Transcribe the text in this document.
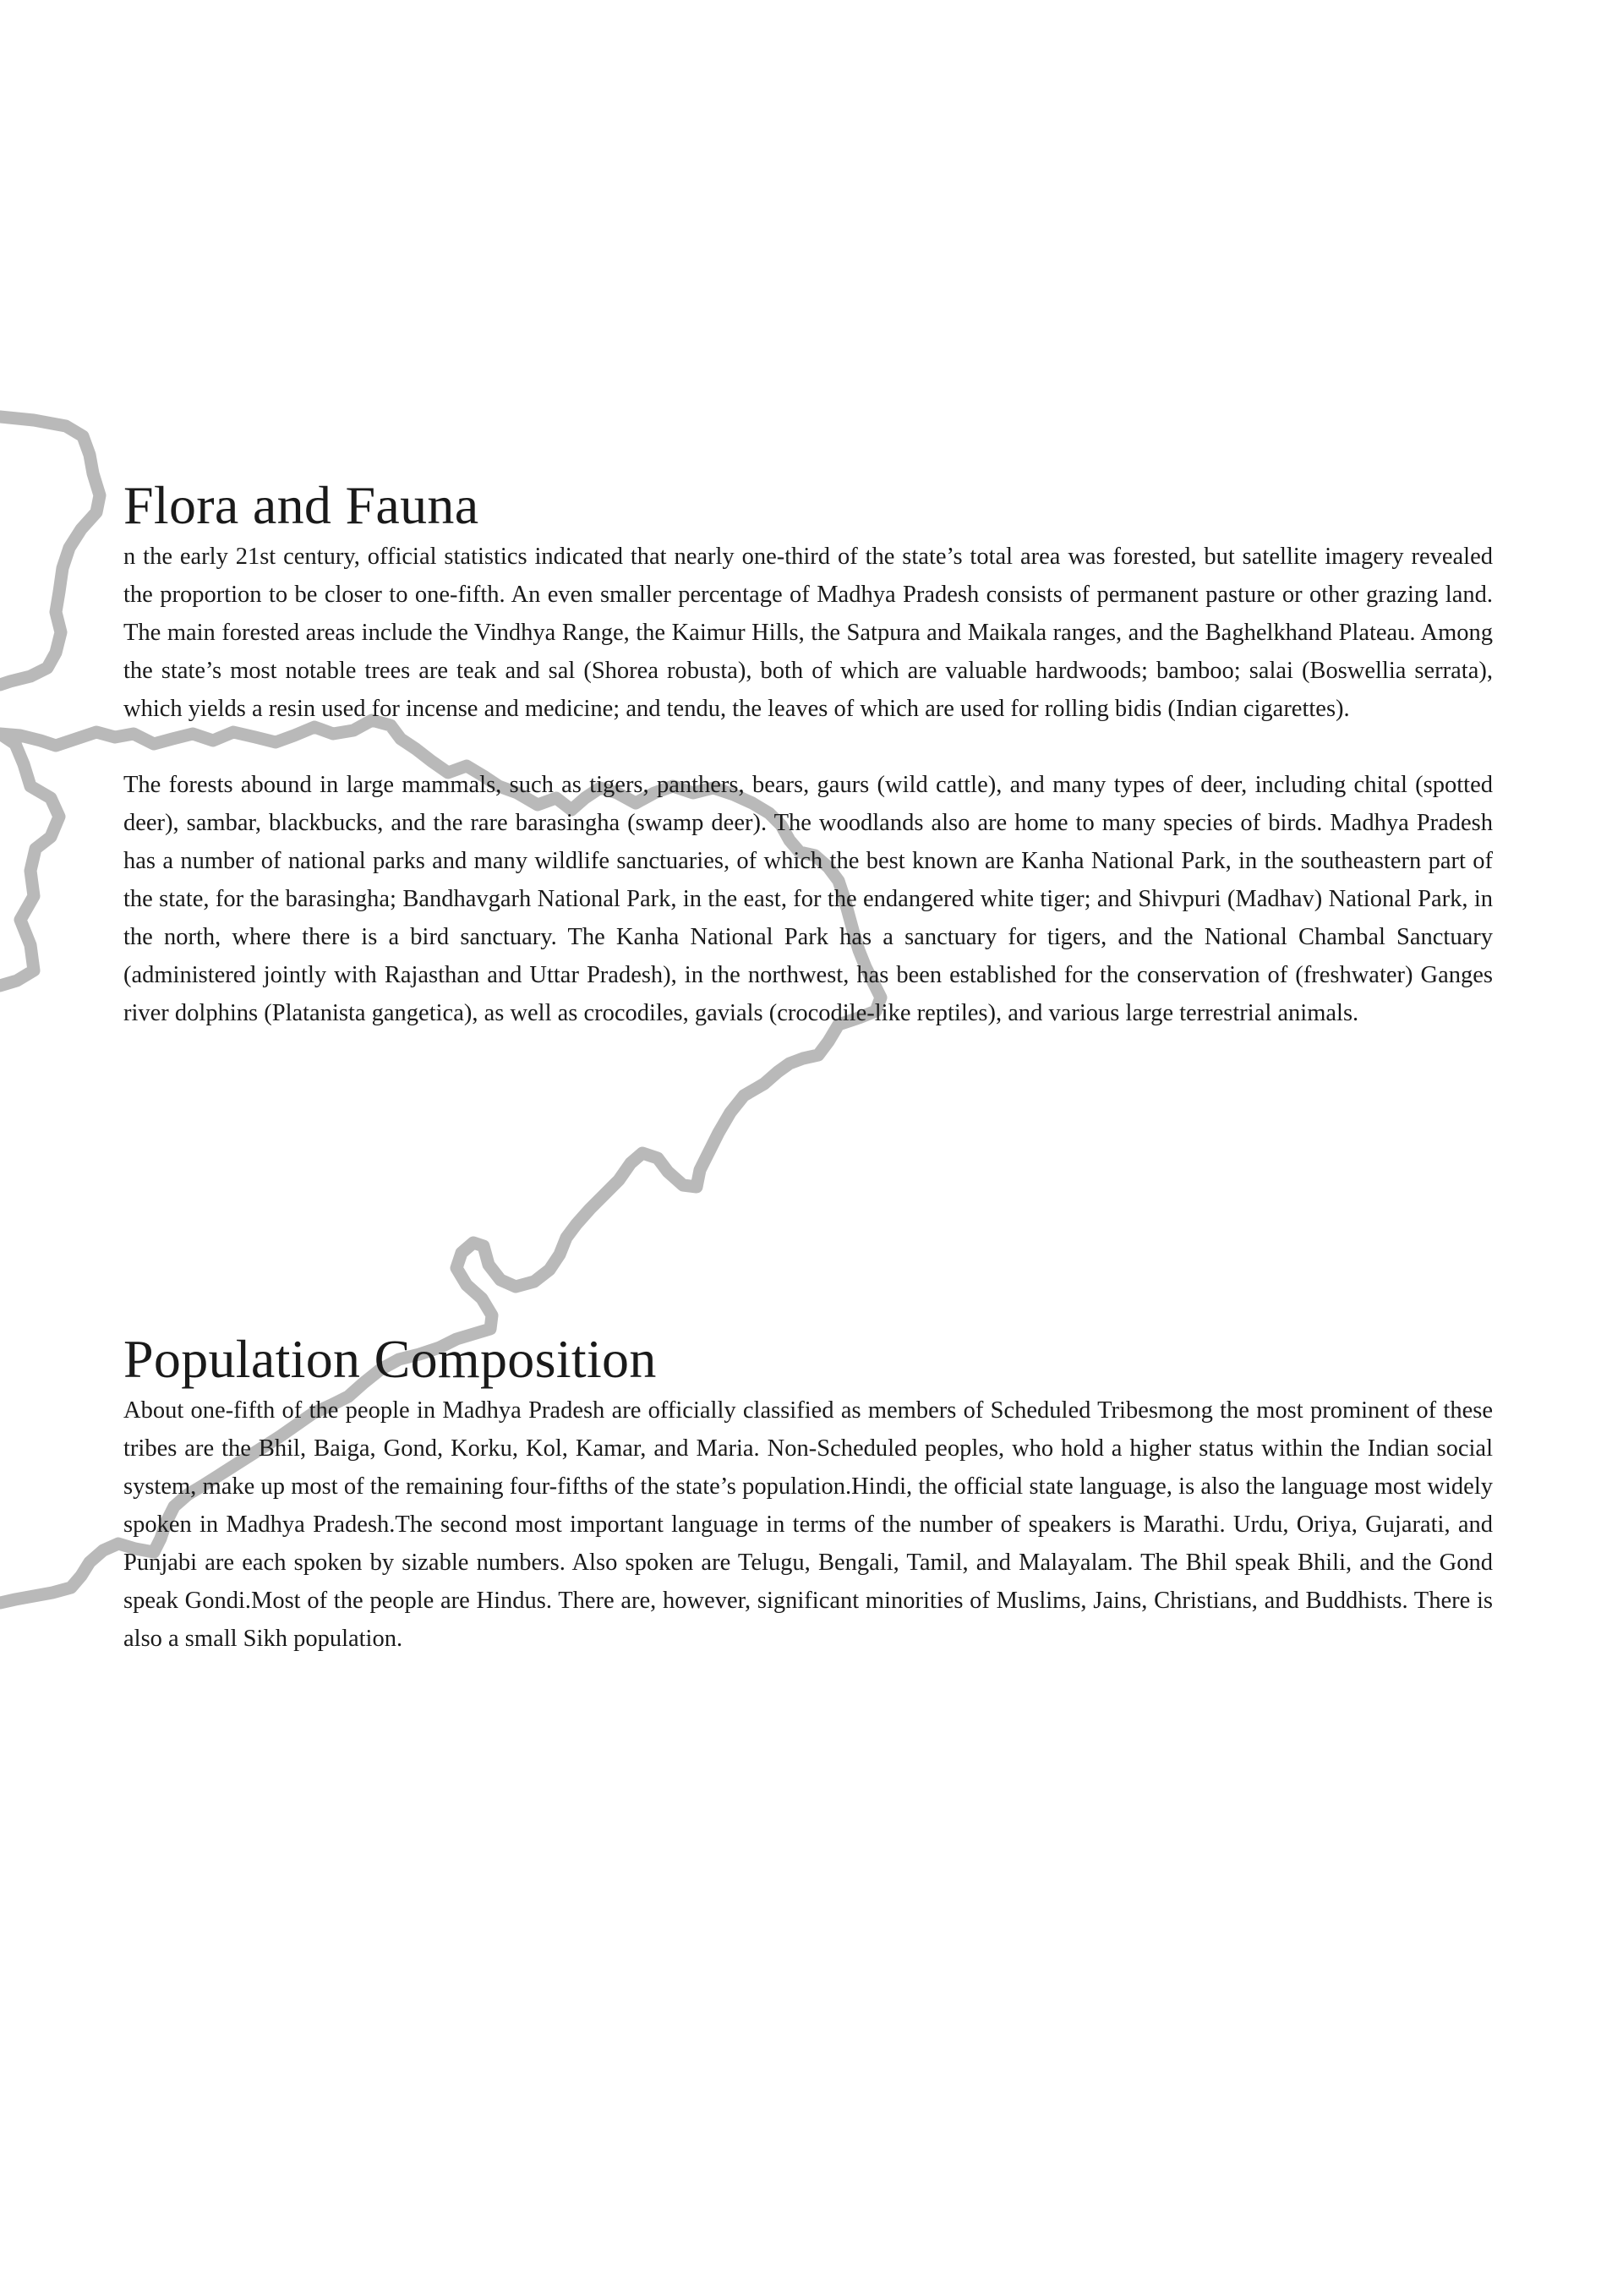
Flora and Fauna

n the early 21st century, official statistics indicated that nearly one-third of the state’s total area was forested, but satellite imagery revealed the proportion to be closer to one-fifth. An even smaller percentage of Madhya Pradesh consists of permanent pasture or other grazing land. The main forested areas include the Vindhya Range, the Kaimur Hills, the Satpura and Maikala ranges, and the Baghelkhand Plateau. Among the state’s most notable trees are teak and sal (Shorea robusta), both of which are valuable hardwoods; bamboo; salai (Boswellia serrata), which yields a resin used for incense and medicine; and tendu, the leaves of which are used for rolling bidis (Indian cigarettes).

The forests abound in large mammals, such as tigers, panthers, bears, gaurs (wild cattle), and many types of deer, including chital (spotted deer), sambar, blackbucks, and the rare barasingha (swamp deer). The woodlands also are home to many species of birds. Madhya Pradesh has a number of national parks and many wildlife sanctuaries, of which the best known are Kanha National Park, in the southeastern part of the state, for the barasingha; Bandhavgarh National Park, in the east, for the endangered white tiger; and Shivpuri (Madhav) National Park, in the north, where there is a bird sanctuary. The Kanha National Park has a sanctuary for tigers, and the National Chambal Sanctuary (administered jointly with Rajasthan and Uttar Pradesh), in the northwest, has been established for the conservation of (freshwater) Ganges river dolphins (Platanista gangetica), as well as crocodiles, gavials (crocodile-like reptiles), and various large terrestrial animals.

Population Composition

About one-fifth of the people in Madhya Pradesh are officially classified as members of Scheduled Tribesmong the most prominent of these tribes are the Bhil, Baiga, Gond, Korku, Kol, Kamar, and Maria. Non-Scheduled peoples, who hold a higher status within the Indian social system, make up most of the remaining four-fifths of the state’s population.Hindi, the official state language, is also the language most widely spoken in Madhya Pradesh.The second most important language in terms of the number of speakers is Marathi. Urdu, Oriya, Gujarati, and Punjabi are each spoken by sizable numbers. Also spoken are Telugu, Bengali, Tamil, and Malayalam. The Bhil speak Bhili, and the Gond speak Gondi.Most of the people are Hindus. There are, however, significant minorities of Muslims, Jains, Christians, and Buddhists. There is also a small Sikh population.
